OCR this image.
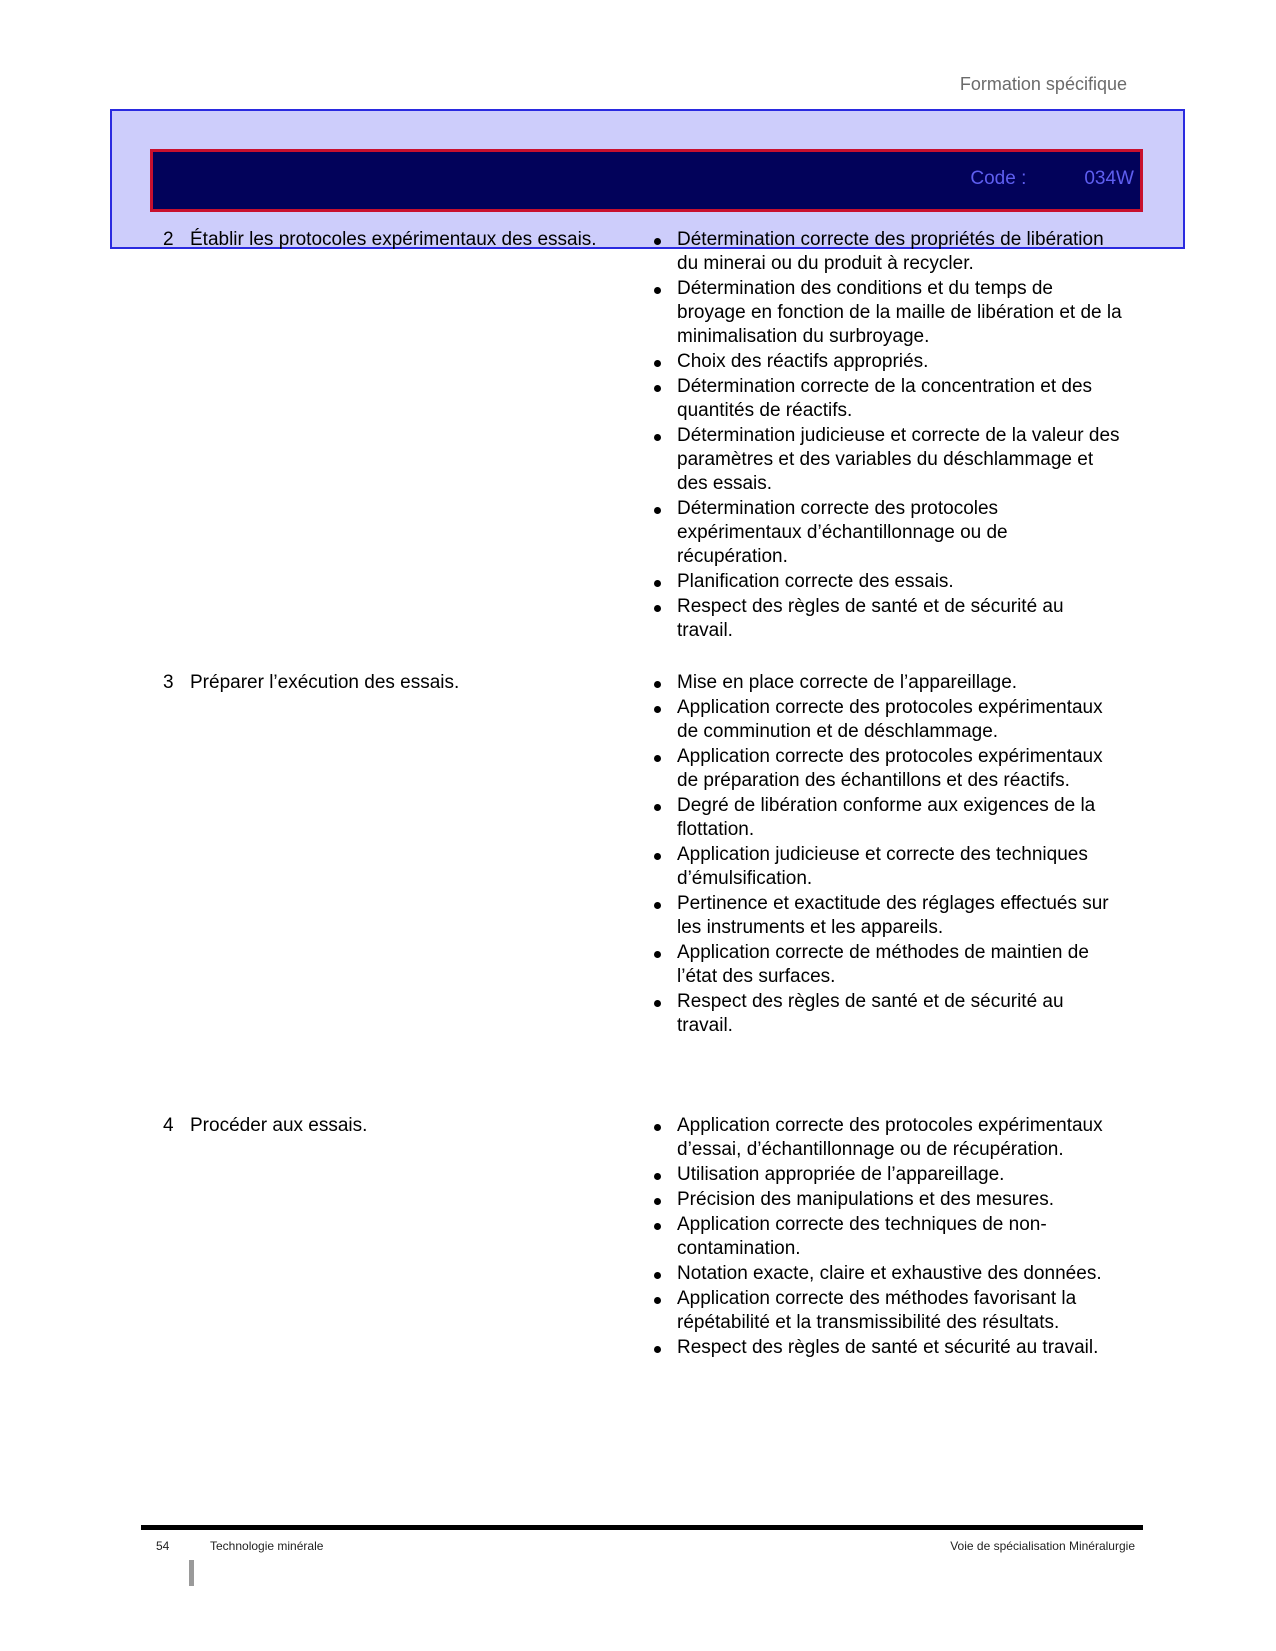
Formation spécifique
Code :	034W
2 Établir les protocoles expérimentaux des essais.	Détermination correcte des propriétés de libération du minerai ou du produit à recycler.
Détermination des conditions et du temps de broyage en fonction de la maille de libération et de la minimalisation du surbroyage.
Choix des réactifs appropriés.
Détermination correcte de la concentration et des quantités de réactifs.
Détermination judicieuse et correcte de la valeur des paramètres et des variables du déschlammage et des essais.
Détermination correcte des protocoles expérimentaux d’échantillonnage ou de récupération.
Planification correcte des essais.
Respect des règles de santé et de sécurité au travail.
3 Préparer l’exécution des essais.	Mise en place correcte de l’appareillage.
Application correcte des protocoles expérimentaux de comminution et de déschlammage.
Application correcte des protocoles expérimentaux de préparation des échantillons et des réactifs.
Degré de libération conforme aux exigences de la flottation.
Application judicieuse et correcte des techniques d’émulsification.
Pertinence et exactitude des réglages effectués sur les instruments et les appareils.
Application correcte de méthodes de maintien de l’état des surfaces.
Respect des règles de santé et de sécurité au travail.
4 Procéder aux essais.	Application correcte des protocoles expérimentaux d’essai, d’échantillonnage ou de récupération.
Utilisation appropriée de l’appareillage.
Précision des manipulations et des mesures.
Application correcte des techniques de non-contamination.
Notation exacte, claire et exhaustive des données.
Application correcte des méthodes favorisant la répétabilité et la transmissibilité des résultats.
Respect des règles de santé et sécurité au travail.
54	Technologie minérale	Voie de spécialisation Minéralurgie
